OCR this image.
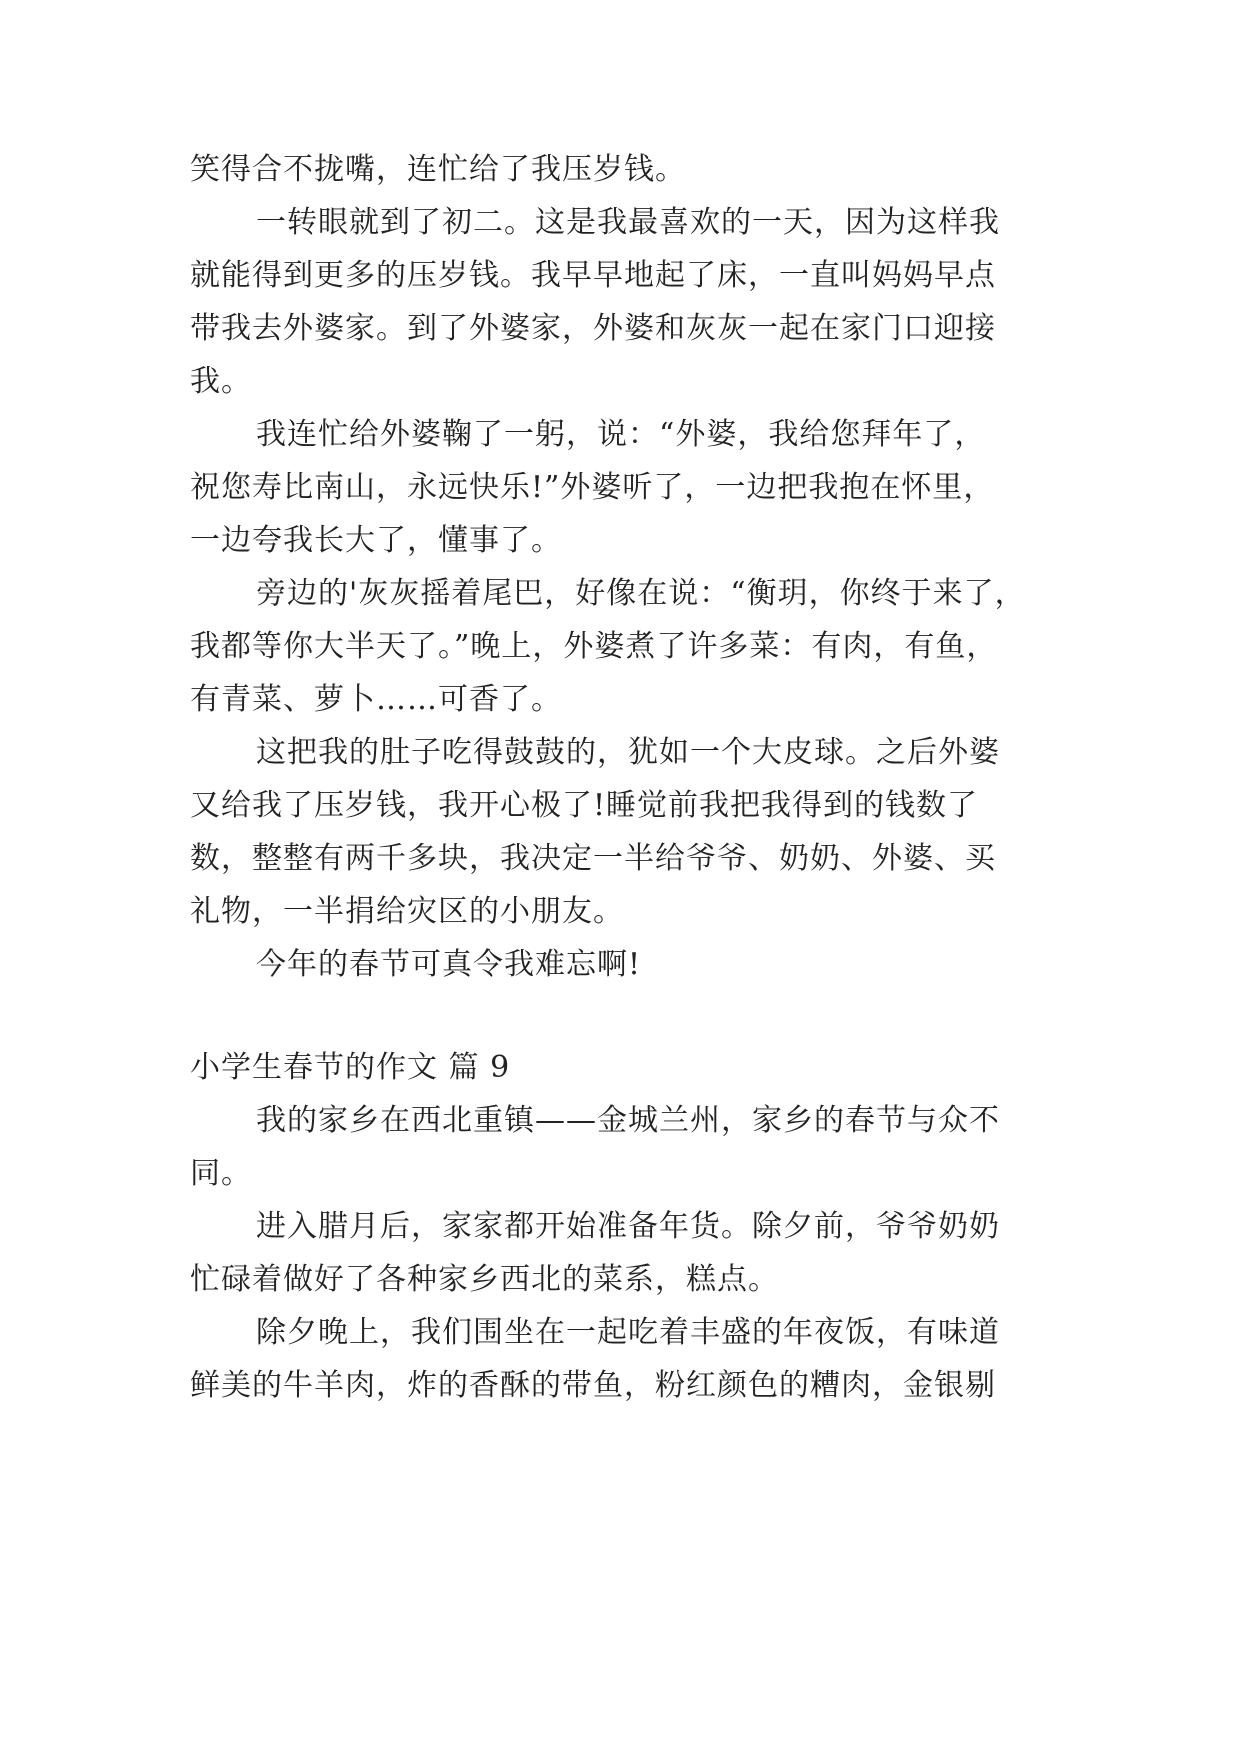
笑得合不拢嘴，连忙给了我压岁钱。
一转眼就到了初二。这是我最喜欢的一天，因为这样我
就能得到更多的压岁钱。我早早地起了床，一直叫妈妈早点
带我去外婆家。到了外婆家，外婆和灰灰一起在家门口迎接
我。
我连忙给外婆鞠了一躬，说：“外婆，我给您拜年了，
祝您寿比南山，永远快乐!”外婆听了，一边把我抱在怀里，
一边夸我长大了，懂事了。
旁边的'灰灰摇着尾巴，好像在说：“衡玥，你终于来了，
我都等你大半天了。”晚上，外婆煮了许多菜：有肉，有鱼，
有青菜、萝卜……可香了。
这把我的肚子吃得鼓鼓的，犹如一个大皮球。之后外婆
又给我了压岁钱，我开心极了!睡觉前我把我得到的钱数了
数，整整有两千多块，我决定一半给爷爷、奶奶、外婆、买
礼物，一半捐给灾区的小朋友。
今年的春节可真令我难忘啊!
小学生春节的作文 篇 9
我的家乡在西北重镇——金城兰州，家乡的春节与众不
同。
进入腊月后，家家都开始准备年货。除夕前，爷爷奶奶
忙碌着做好了各种家乡西北的菜系，糕点。
除夕晚上，我们围坐在一起吃着丰盛的年夜饭，有味道
鲜美的牛羊肉，炸的香酥的带鱼，粉红颜色的糟肉，金银剔
